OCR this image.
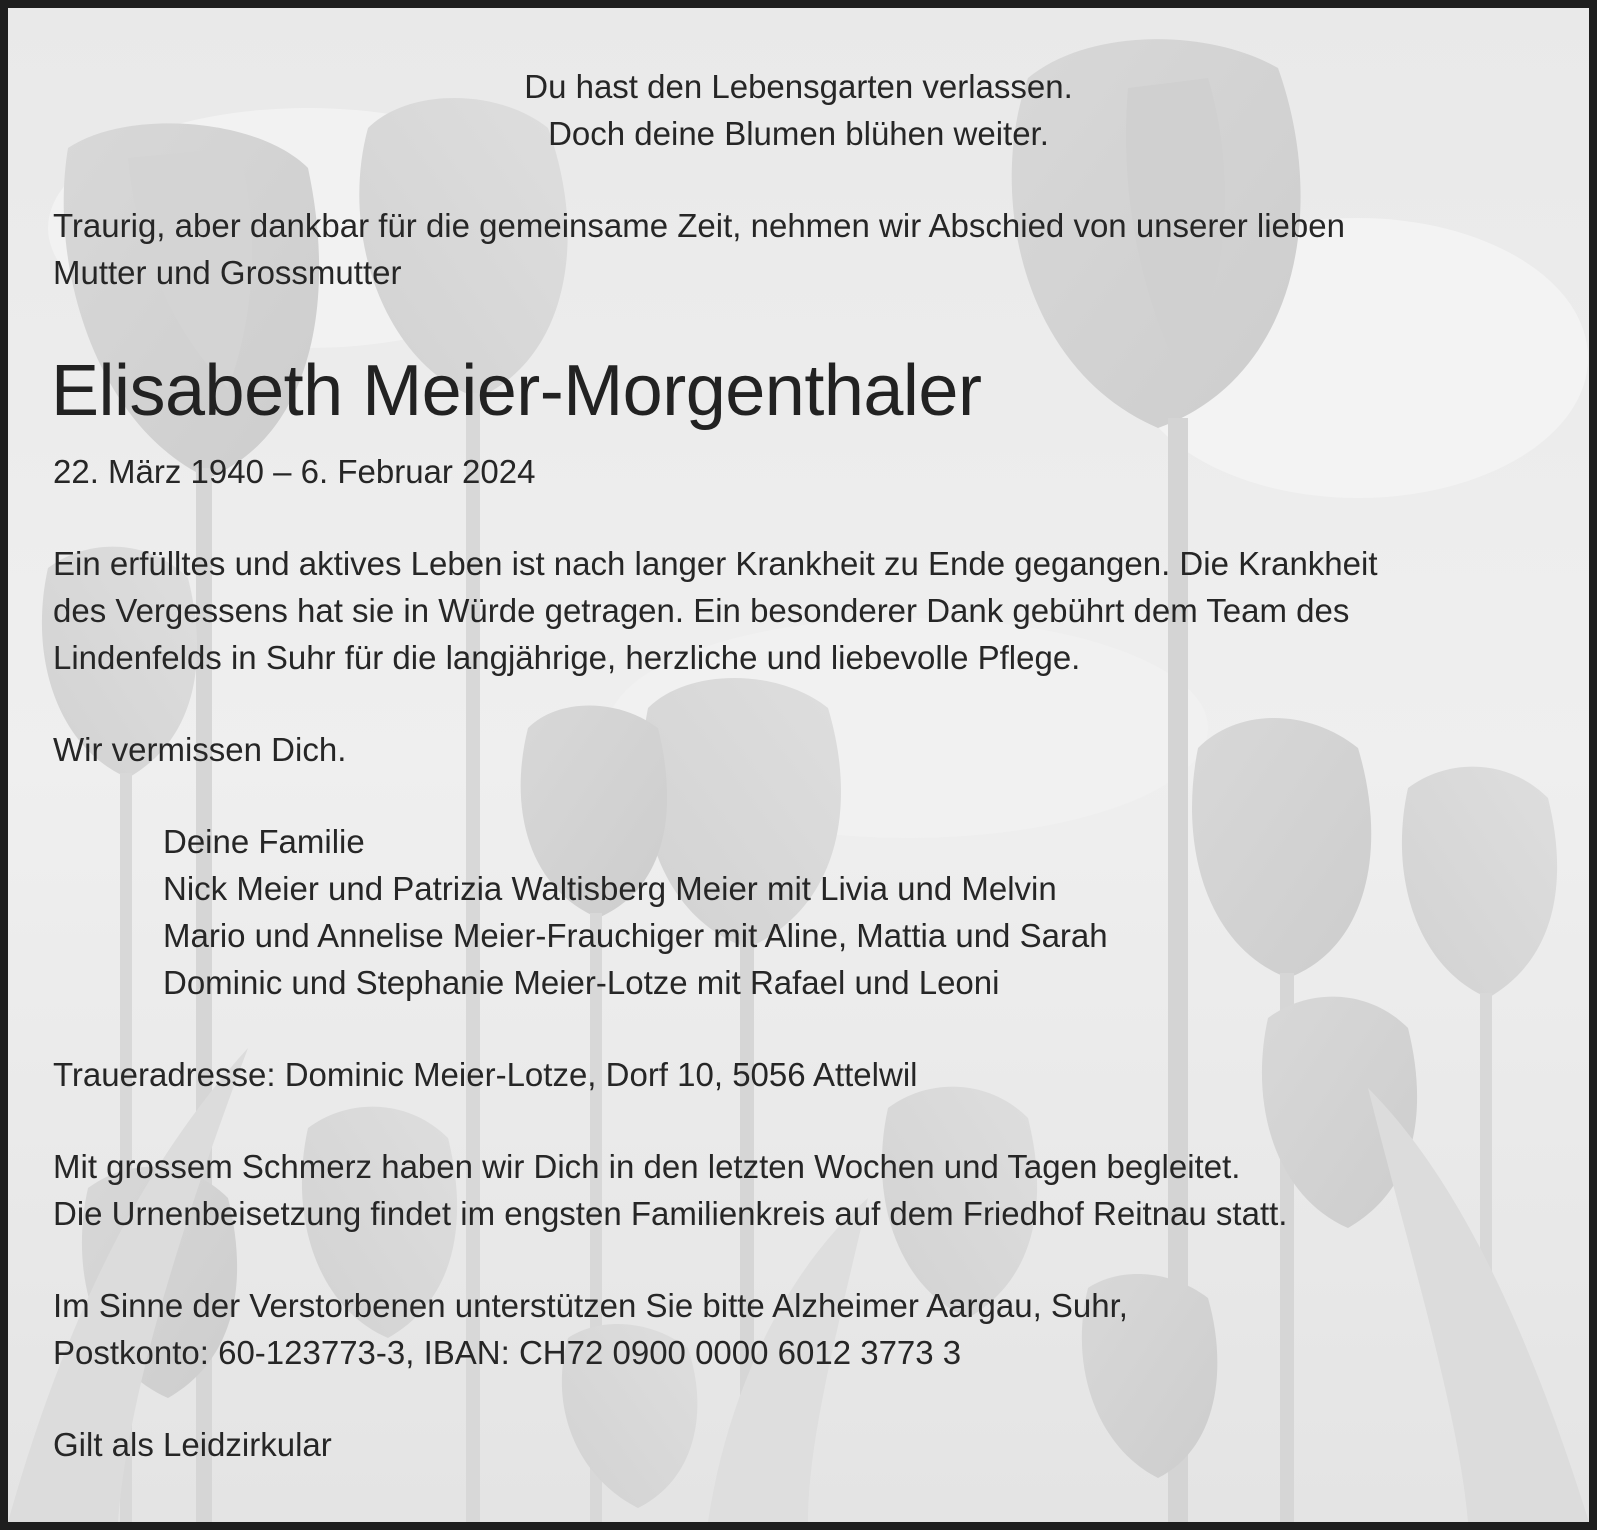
Du hast den Lebensgarten verlassen.
Doch deine Blumen blühen weiter.
Traurig, aber dankbar für die gemeinsame Zeit, nehmen wir Abschied von unserer lieben
Mutter und Grossmutter
Elisabeth Meier-Morgenthaler
22. März 1940 – 6. Februar 2024
Ein erfülltes und aktives Leben ist nach langer Krankheit zu Ende gegangen. Die Krankheit
des Vergessens hat sie in Würde getragen. Ein besonderer Dank gebührt dem Team des
Lindenfelds in Suhr für die langjährige, herzliche und liebevolle Pflege.
Wir vermissen Dich.
Deine Familie
Nick Meier und Patrizia Waltisberg Meier mit Livia und Melvin
Mario und Annelise Meier-Frauchiger mit Aline, Mattia und Sarah
Dominic und Stephanie Meier-Lotze mit Rafael und Leoni
Traueradresse: Dominic Meier-Lotze, Dorf 10, 5056 Attelwil
Mit grossem Schmerz haben wir Dich in den letzten Wochen und Tagen begleitet.
Die Urnenbeisetzung findet im engsten Familienkreis auf dem Friedhof Reitnau statt.
Im Sinne der Verstorbenen unterstützen Sie bitte Alzheimer Aargau, Suhr,
Postkonto: 60-123773-3, IBAN: CH72 0900 0000 6012 3773 3
Gilt als Leidzirkular
